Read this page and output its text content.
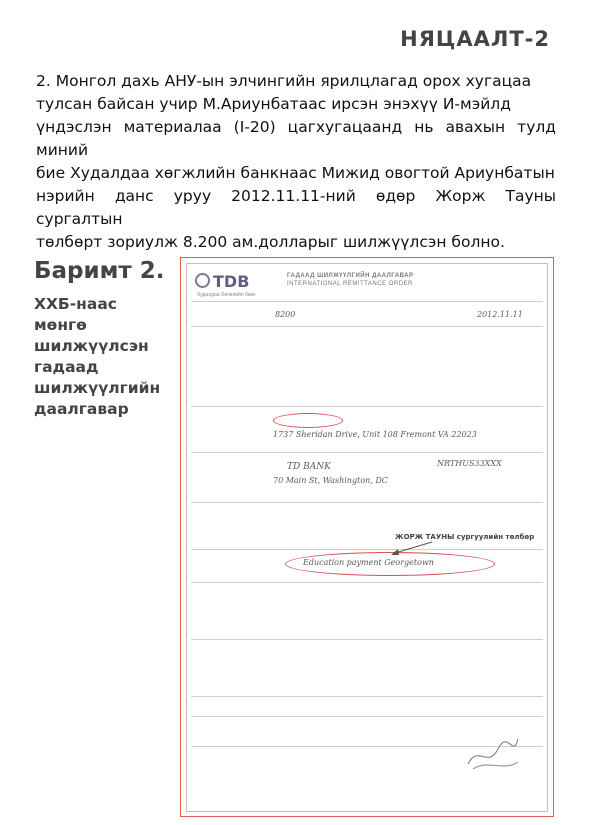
НЯЦААЛТ-2

2. Монгол дахь АНУ-ын элчингийн ярилцлагад орох хугацаа

тулсан байсан учир М.Ариунбатаас ирсэн энэхүү И-мэйлд

үндэслэн материалаа (I-20) цагхугацаанд нь авахын тулд миний

бие Худалдаа хөгжлийн банкнаас Мижид овогтой Ариунбатын

нэрийн данс уруу 2012.11.11-ний өдөр Жорж Тауны сургалтын

төлбөрт зориулж 8.200 ам.долларыг шилжүүлсэн болно.

Баримт 2.
ХХБ-наас
мөнгө
шилжүүлсэн
гадаад
шилжүүлгийн
даалгавар
TDB
Худалдаа Хөгжлийн банк
ГАДААД ШИЛЖҮҮЛГИЙН ДААЛГАВАР
INTERNATIONAL REMITTANCE ORDER
8200	2012.11.11
1737 Sheridan Drive, Unit 108 Fremont VA 22023
TD BANK
70 Main St, Washington, DC
NRTHUS33XXX
Education payment Georgetown
ЖОРЖ ТАУНЫ сургуулийн төлбөр
